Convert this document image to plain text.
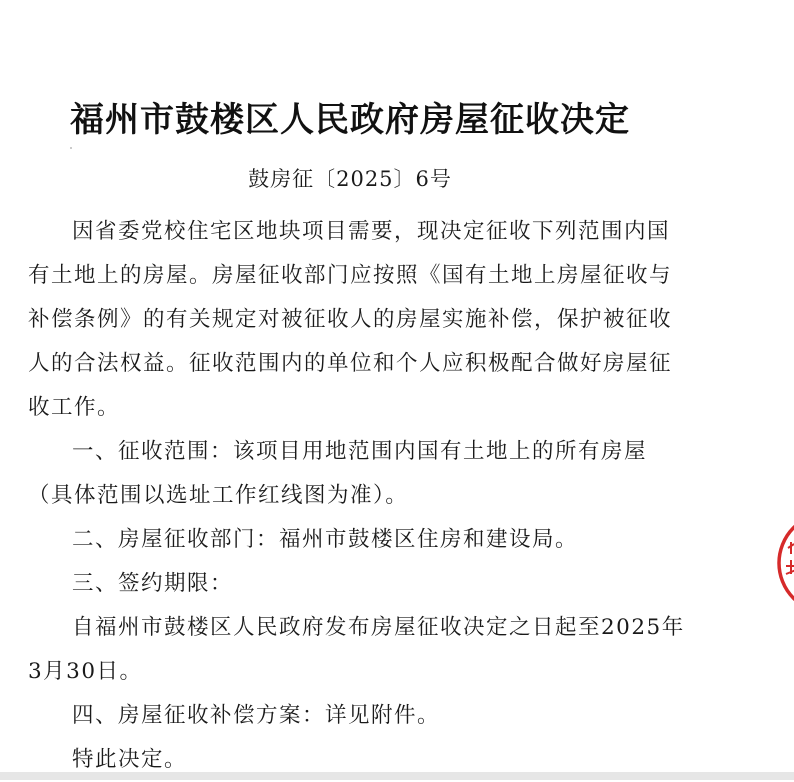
福州市鼓楼区人民政府房屋征收决定
鼓房征〔2025〕6号

因省委党校住宅区地块项目需要，现决定征收下列范围内国有土地上的房屋。房屋征收部门应按照《国有土地上房屋征收与补偿条例》的有关规定对被征收人的房屋实施补偿，保护被征收人的合法权益。征收范围内的单位和个人应积极配合做好房屋征收工作。

一、征收范围：该项目用地范围内国有土地上的所有房屋（具体范围以选址工作红线图为准）。

二、房屋征收部门：福州市鼓楼区住房和建设局。

三、签约期限：

自福州市鼓楼区人民政府发布房屋征收决定之日起至2025年3月30日。

四、房屋征收补偿方案：详见附件。

特此决定。
